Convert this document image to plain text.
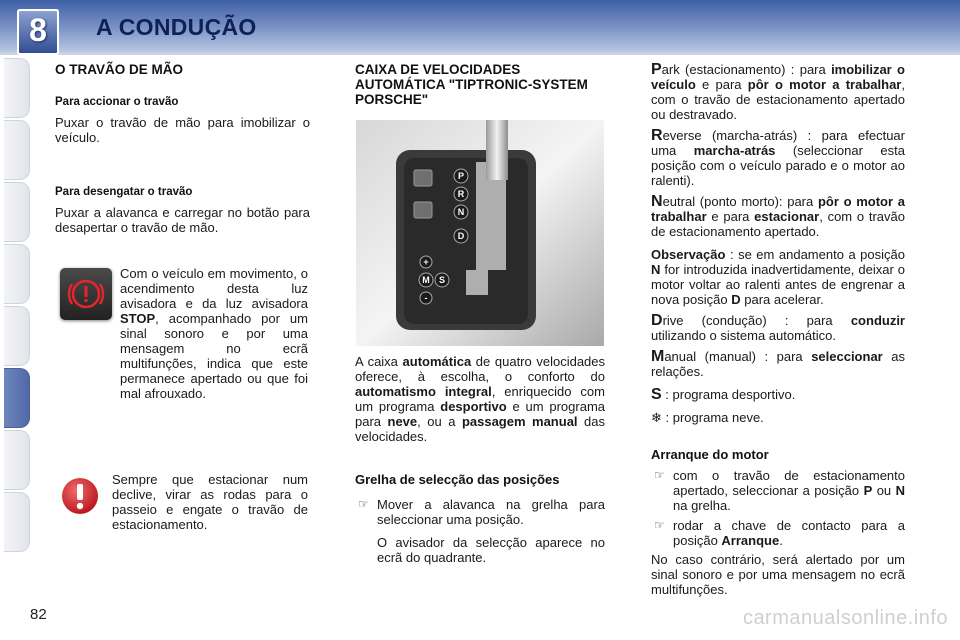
8	A CONDUÇÃO
O TRAVÃO DE MÃO
Para accionar o travão

Puxar o travão de mão para imobilizar o veículo.

Para desengatar o travão

Puxar a alavanca e carregar no botão para desapertar o travão de mão.

Com o veículo em movimento, o acendimento desta luz avisadora e da luz avisadora STOP, acompanhado por um sinal sonoro e por uma mensagem no ecrã multifunções, indica que este permanece apertado ou que foi mal afrouxado.

Sempre que estacionar num declive, virar as rodas para o passeio e engate o travão de estacionamento.

CAIXA DE VELOCIDADES AUTOMÁTICA "TIPTRONIC-SYSTEM PORSCHE"
P
R
N
D
M S
+
-

A caixa automática de quatro velocidades oferece, à escolha, o conforto do automatismo integral, enriquecido com um programa desportivo e um programa para neve, ou a passagem manual das velocidades.

Grelha de selecção das posições
☞ Mover a alavanca na grelha para seleccionar uma posição.

O avisador da selecção aparece no ecrã do quadrante.

Park (estacionamento) : para imobilizar o veículo e para pôr o motor a trabalhar, com o travão de estacionamento apertado ou destravado.

Reverse (marcha-atrás) : para efectuar uma marcha-atrás (seleccionar esta posição com o veículo parado e o motor ao ralenti).

Neutral (ponto morto): para pôr o motor a trabalhar e para estacionar, com o travão de estacionamento apertado.

Observação : se em andamento a posição N for introduzida inadvertidamente, deixar o motor voltar ao ralenti antes de engrenar a nova posição D para acelerar.

Drive (condução) : para conduzir utilizando o sistema automático.

Manual (manual) : para seleccionar as relações.

S : programa desportivo.

❄ : programa neve.

Arranque do motor
☞ com o travão de estacionamento apertado, seleccionar a posição P ou N na grelha.

☞ rodar a chave de contacto para a posição Arranque.

No caso contrário, será alertado por um sinal sonoro e por uma mensagem no ecrã multifunções.

82	carmanualsonline.info
